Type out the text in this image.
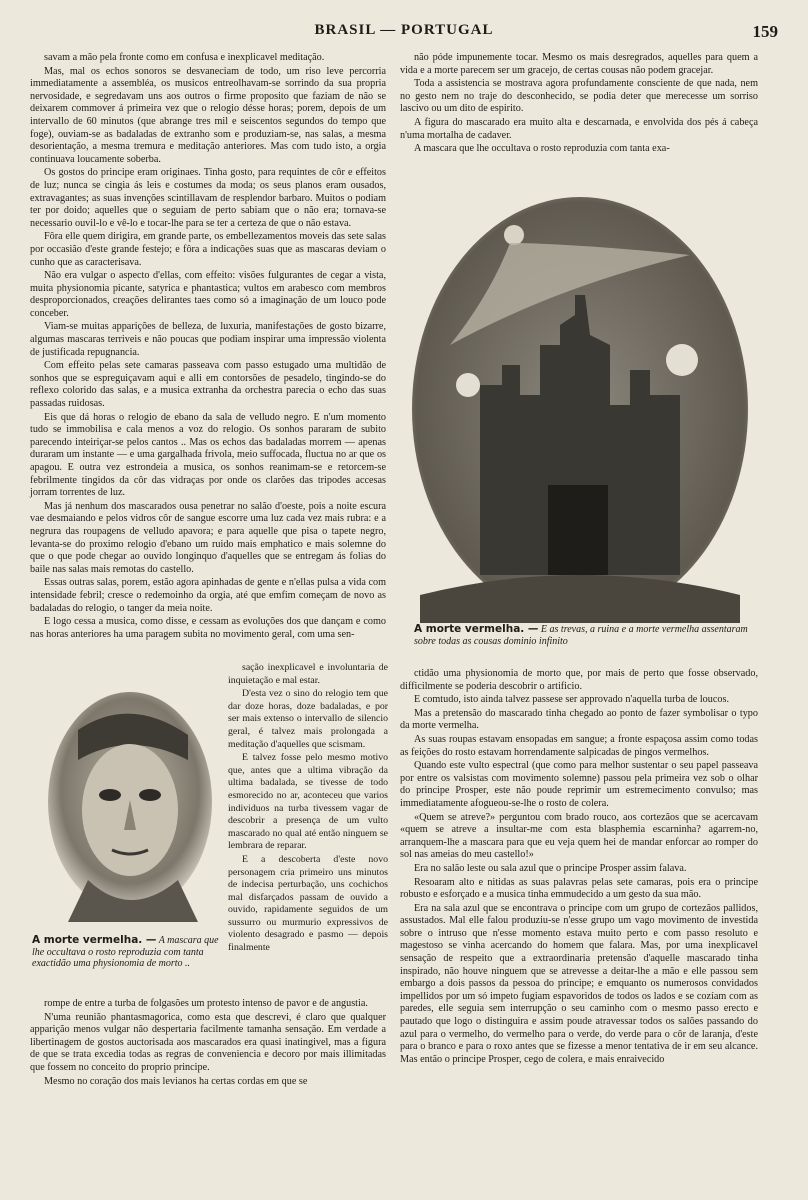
BRASIL — PORTUGAL	159

savam a mão pela fronte como em confusa e inexplicavel meditação.

Mas, mal os echos sonoros se desvaneciam de todo, um riso leve percorria immediatamente a assembléa, os musicos entreolhavam-se sorrindo da sua propria nervosidade, e segredavam uns aos outros o firme proposito que faziam de não se deixarem commover á primeira vez que o relogio désse horas; porem, depois de um intervallo de 60 minutos (que abrange tres mil e seiscentos segundos do tempo que foge), ouviam-se as badaladas de extranho som e produziam-se, nas salas, a mesma desorientação, a mesma tremura e meditação anteriores. Mas com tudo isto, a orgia continuava loucamente soberba.

Os gostos do principe eram originaes. Tinha gosto, para requintes de côr e effeitos de luz; nunca se cingia ás leis e costumes da moda; os seus planos eram ousados, extravagantes; as suas invenções scintillavam de resplendor barbaro. Muitos o podiam ter por doido; aquelles que o seguiam de perto sabiam que o não era; tornava-se necessario ouvil-lo e vê-lo e tocar-lhe para se ter a certeza de que o não estava.

Fôra elle quem dirigira, em grande parte, os embellezamentos moveis das sete salas por occasião d'este grande festejo; e fôra a indicações suas que as mascaras deviam o cunho que as caracterisava.

Não era vulgar o aspecto d'ellas, com effeito: visões fulgurantes de cegar a vista, muita physionomia picante, satyrica e phantastica; vultos em arabesco com membros desproporcionados, creações delirantes taes como só a imaginação de um louco pode conceber.

Viam-se muitas apparições de belleza, de luxuria, manifestações de gosto bizarre, algumas mascaras terriveis e não poucas que podiam inspirar uma impressão violenta de justificada repugnancia.

Com effeito pelas sete camaras passeava com passo estugado uma multidão de sonhos que se espreguiçavam aqui e alli em contorsões de pesadelo, tingindo-se do reflexo colorido das salas, e a musica extranha da orchestra parecia o echo das suas passadas ruidosas.

Eis que dá horas o relogio de ebano da sala de velludo negro. E n'um momento tudo se immobilisa e cala menos a voz do relogio. Os sonhos pararam de subito parecendo inteiriçar-se pelos cantos .. Mas os echos das badaladas morrem — apenas duraram um instante — e uma gargalhada frivola, meio suffocada, fluctua no ar que os apagou. E outra vez estrondeia a musica, os sonhos reanimam-se e retorcem-se febrilmente tingidos da côr das vidraças por onde os clarões das tripodes accesas jorram torrentes de luz.

Mas já nenhum dos mascarados ousa penetrar no salão d'oeste, pois a noite escura vae desmaiando e pelos vidros côr de sangue escorre uma luz cada vez mais rubra: e a negrura das roupagens de velludo apavora; e para aquelle que pisa o tapete negro, levanta-se do proximo relogio d'ebano um ruido mais emphatico e mais solemne do que o que pode chegar ao ouvido longinquo d'aquelles que se entregam ás folias do baile nas salas mais remotas do castello.

Essas outras salas, porem, estão agora apinhadas de gente e n'ellas pulsa a vida com intensidade febril; cresce o redemoinho da orgia, até que emfim começam de novo as badaladas do relogio, o tanger da meia noite.

E logo cessa a musica, como disse, e cessam as evoluções dos que dançam e como nas horas anteriores ha uma paragem subita no movimento geral, com uma sen-

A morte vermelha. — A mascara que lhe occultava o rosto reproduzia com tanta exactidão uma physionomia de morto ..

sação inexplicavel e involuntaria de inquietação e mal estar.

D'esta vez o sino do relogio tem que dar doze horas, doze badaladas, e por ser mais extenso o intervallo de silencio geral, é talvez mais prolongada a meditação d'aquelles que scismam.

E talvez fosse pelo mesmo motivo que, antes que a ultima vibração da ultima badalada, se tivesse de todo esmorecido no ar, aconteceu que varios individuos na turba tivessem vagar de descobrir a presença de um vulto mascarado no qual até então ninguem se lembrara de reparar.

E a descoberta d'este novo personagem cria primeiro uns minutos de indecisa perturbação, uns cochichos mal disfarçados passam de ouvido a ouvido, rapidamente seguidos de um sussurro ou murmurio expressivos de violento desagrado e pasmo — depois finalmente

rompe de entre a turba de folgasões um protesto intenso de pavor e de angustia.

N'uma reunião phantasmagorica, como esta que descrevi, é claro que qualquer apparição menos vulgar não despertaria facilmente tamanha sensação. Em verdade a libertinagem de gostos auctorisada aos mascarados era quasi inatingivel, mas a figura de que se trata excedia todas as regras de conveniencia e decoro por mais illimitadas que fossem no conceito do proprio principe.

Mesmo no coração dos mais levianos ha certas cordas em que se

não póde impunemente tocar. Mesmo os mais desregrados, aquelles para quem a vida e a morte parecem ser um gracejo, de certas cousas não podem gracejar.

Toda a assistencia se mostrava agora profundamente consciente de que nada, nem no gesto nem no traje do desconhecido, se podia deter que merecesse um sorriso lascivo ou um dito de espirito.

A figura do mascarado era muito alta e descarnada, e envolvida dos pés á cabeça n'uma mortalha de cadaver.

A mascara que lhe occultava o rosto reproduzia com tanta exa-

A morte vermelha. — E as trevas, a ruina e a morte vermelha assentaram sobre todas as cousas dominio infinito

ctidão uma physionomia de morto que, por mais de perto que fosse observado, difficilmente se poderia descobrir o artificio.

E comtudo, isto ainda talvez passese ser approvado n'aquella turba de loucos.

Mas a pretensão do mascarado tinha chegado ao ponto de fazer symbolisar o typo da morte vermelha.

As suas roupas estavam ensopadas em sangue; a fronte espaçosa assim como todas as feições do rosto estavam horrendamente salpicadas de pingos vermelhos.

Quando este vulto espectral (que como para melhor sustentar o seu papel passeava por entre os valsistas com movimento solemne) passou pela primeira vez sob o olhar do principe Prosper, este não poude reprimir um estremecimento convulso; mas immediatamente afogueou-se-lhe o rosto de colera.

«Quem se atreve?» perguntou com brado rouco, aos cortezãos que se acercavam «quem se atreve a insultar-me com esta blasphemia escarninha? agarrem-no, arranquem-lhe a mascara para que eu veja quem hei de mandar enforcar ao romper do sol nas ameias do meu castello!»

Era no salão leste ou sala azul que o principe Prosper assim falava.

Resoaram alto e nitidas as suas palavras pelas sete camaras, pois era o principe robusto e esforçado e a musica tinha emmudecido a um gesto da sua mão.

Era na sala azul que se encontrava o principe com um grupo de cortezãos pallidos, assustados. Mal elle falou produziu-se n'esse grupo um vago movimento de investida sobre o intruso que n'esse momento estava muito perto e com passo resoluto e magestoso se vinha acercando do homem que falara. Mas, por uma inexplicavel sensação de respeito que a extraordinaria pretensão d'aquelle mascarado tinha inspirado, não houve ninguem que se atrevesse a deitar-lhe a mão e elle passou sem embargo a dois passos da pessoa do principe; e emquanto os numerosos convidados impellidos por um só impeto fugiam espavoridos de todos os lados e se cozíam com as paredes, elle seguia sem interrupção o seu caminho com o mesmo passo erecto e pautado que logo o distinguira e assim poude atravessar todos os salões passando do azul para o vermelho, do vermelho para o verde, do verde para o côr de laranja, d'este para o branco e para o roxo antes que se fizesse a menor tentativa de ir em seu alcance. Mas então o principe Prosper, cego de colera, e mais enraivecido
